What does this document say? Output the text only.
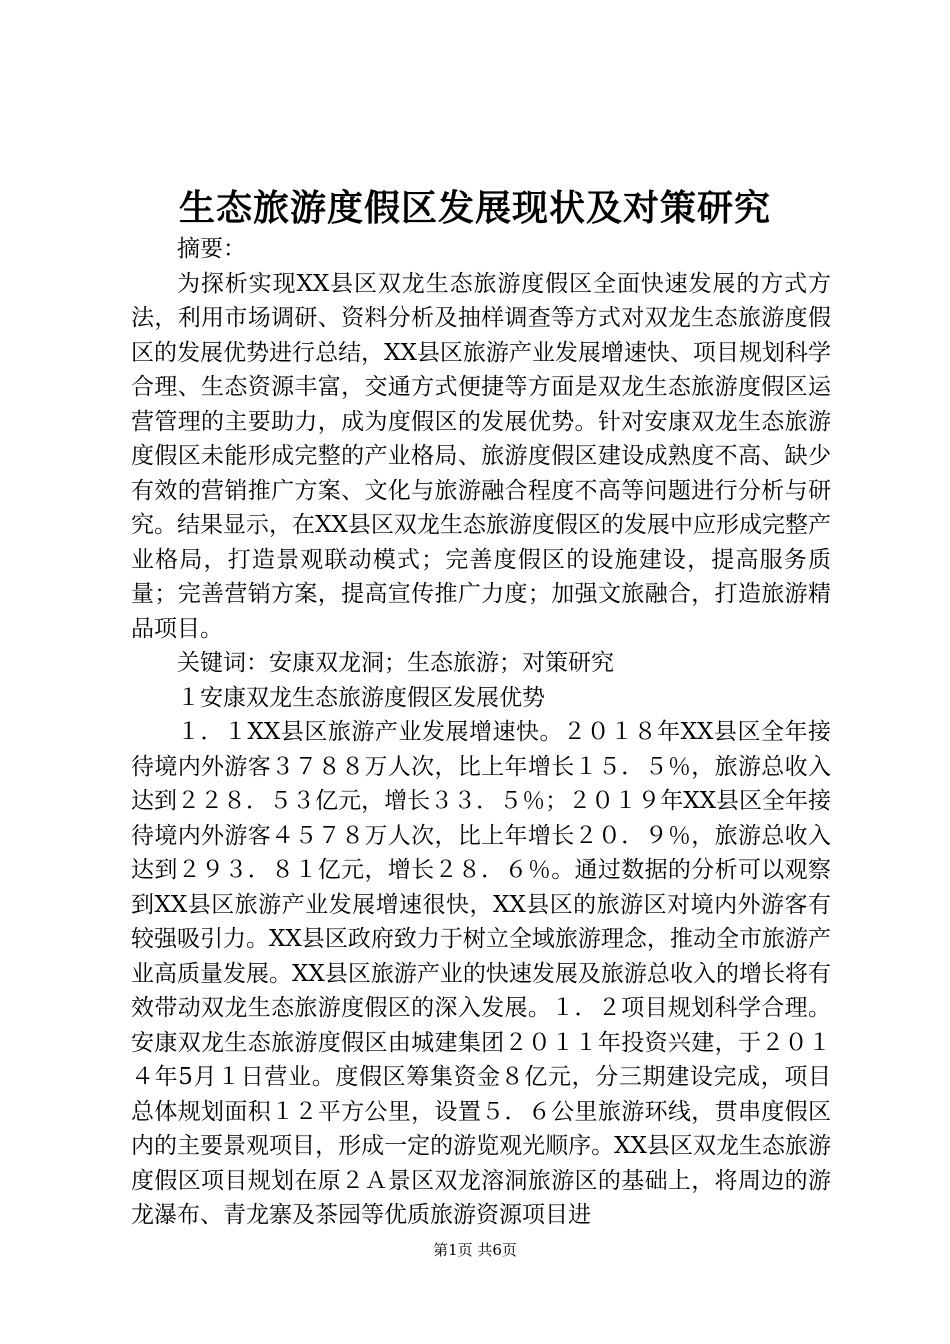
生态旅游度假区发展现状及对策研究

摘要：

为探析实现XX县区双龙生态旅游度假区全面快速发展的方式方法，利用市场调研、资料分析及抽样调查等方式对双龙生态旅游度假区的发展优势进行总结，XX县区旅游产业发展增速快、项目规划科学合理、生态资源丰富，交通方式便捷等方面是双龙生态旅游度假区运营管理的主要助力，成为度假区的发展优势。针对安康双龙生态旅游度假区未能形成完整的产业格局、旅游度假区建设成熟度不高、缺少有效的营销推广方案、文化与旅游融合程度不高等问题进行分析与研究。结果显示，在XX县区双龙生态旅游度假区的发展中应形成完整产业格局，打造景观联动模式；完善度假区的设施建设，提高服务质量；完善营销方案，提高宣传推广力度；加强文旅融合，打造旅游精品项目。

关键词：安康双龙洞；生态旅游；对策研究

１安康双龙生态旅游度假区发展优势

１．１XX县区旅游产业发展增速快。２０１８年XX县区全年接待境内外游客３７８８万人次，比上年增长１５．５％，旅游总收入达到２２８．５３亿元，增长３３．５％；２０１９年XX县区全年接待境内外游客４５７８万人次，比上年增长２０．９％，旅游总收入达到２９３．８１亿元，增长２８．６％。通过数据的分析可以观察到XX县区旅游产业发展增速很快，XX县区的旅游区对境内外游客有较强吸引力。XX县区政府致力于树立全域旅游理念，推动全市旅游产业高质量发展。XX县区旅游产业的快速发展及旅游总收入的增长将有效带动双龙生态旅游度假区的深入发展。１．２项目规划科学合理。安康双龙生态旅游度假区由城建集团２０１１年投资兴建，于２０１４年5月１日营业。度假区筹集资金８亿元，分三期建设完成，项目总体规划面积１２平方公里，设置５．６公里旅游环线，贯串度假区内的主要景观项目，形成一定的游览观光顺序。XX县区双龙生态旅游度假区项目规划在原２Ａ景区双龙溶洞旅游区的基础上，将周边的游龙瀑布、青龙寨及茶园等优质旅游资源项目进

第1页 共6页
